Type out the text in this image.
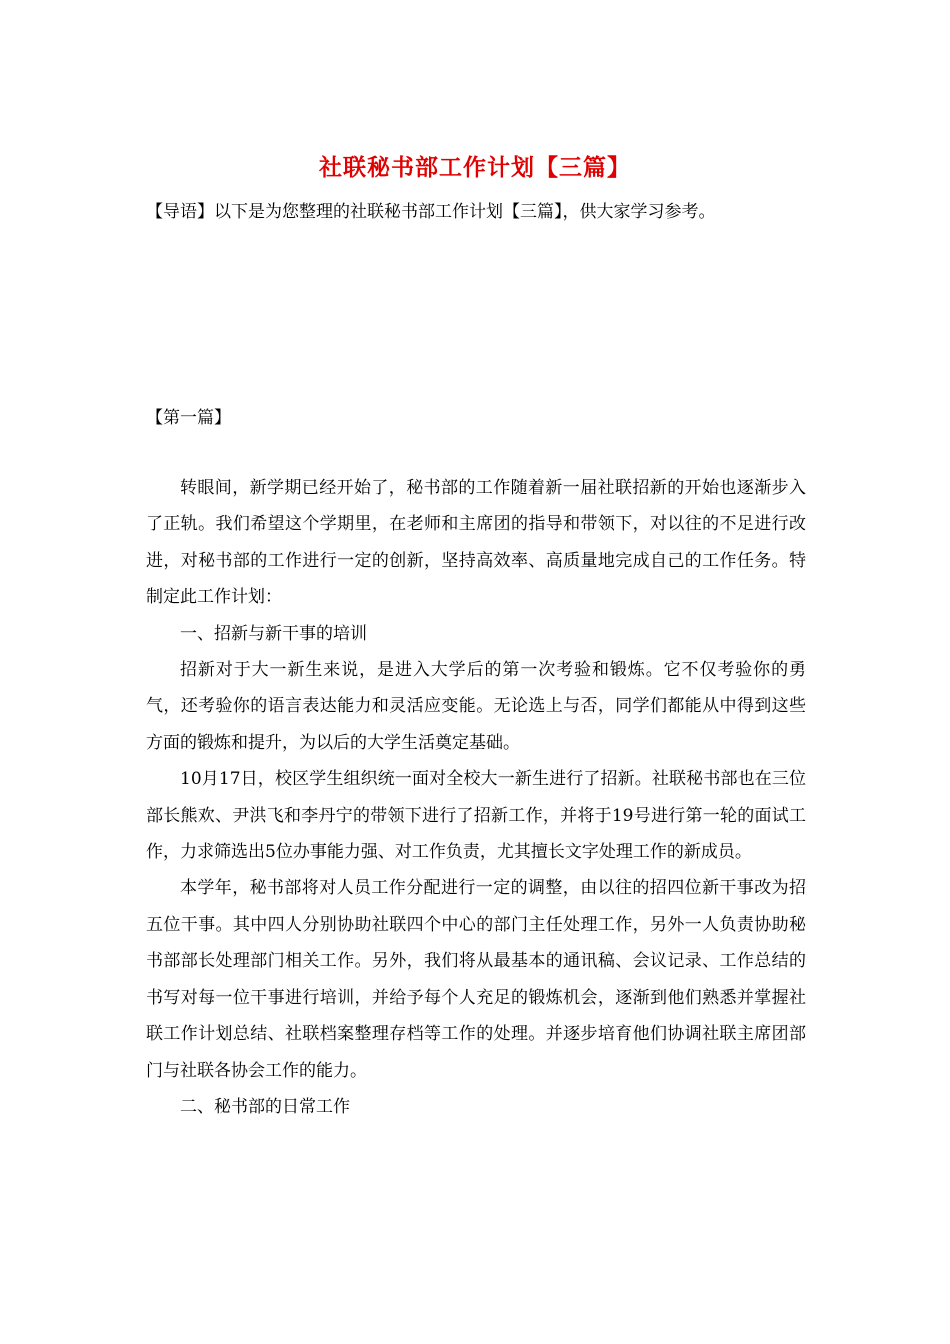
社联秘书部工作计划【三篇】
【导语】以下是为您整理的社联秘书部工作计划【三篇】，供大家学习参考。
【第一篇】

转眼间，新学期已经开始了，秘书部的工作随着新一届社联招新的开始也逐渐步入了正轨。我们希望这个学期里，在老师和主席团的指导和带领下，对以往的不足进行改进，对秘书部的工作进行一定的创新，坚持高效率、高质量地完成自己的工作任务。特制定此工作计划：

一、招新与新干事的培训

招新对于大一新生来说，是进入大学后的第一次考验和锻炼。它不仅考验你的勇气，还考验你的语言表达能力和灵活应变能。无论选上与否，同学们都能从中得到这些方面的锻炼和提升，为以后的大学生活奠定基础。

10月17日，校区学生组织统一面对全校大一新生进行了招新。社联秘书部也在三位部长熊欢、尹洪飞和李丹宁的带领下进行了招新工作，并将于19号进行第一轮的面试工作，力求筛选出5位办事能力强、对工作负责，尤其擅长文字处理工作的新成员。

本学年，秘书部将对人员工作分配进行一定的调整，由以往的招四位新干事改为招五位干事。其中四人分别协助社联四个中心的部门主任处理工作，另外一人负责协助秘书部部长处理部门相关工作。另外，我们将从最基本的通讯稿、会议记录、工作总结的书写对每一位干事进行培训，并给予每个人充足的锻炼机会，逐渐到他们熟悉并掌握社联工作计划总结、社联档案整理存档等工作的处理。并逐步培育他们协调社联主席团部门与社联各协会工作的能力。

二、秘书部的日常工作
